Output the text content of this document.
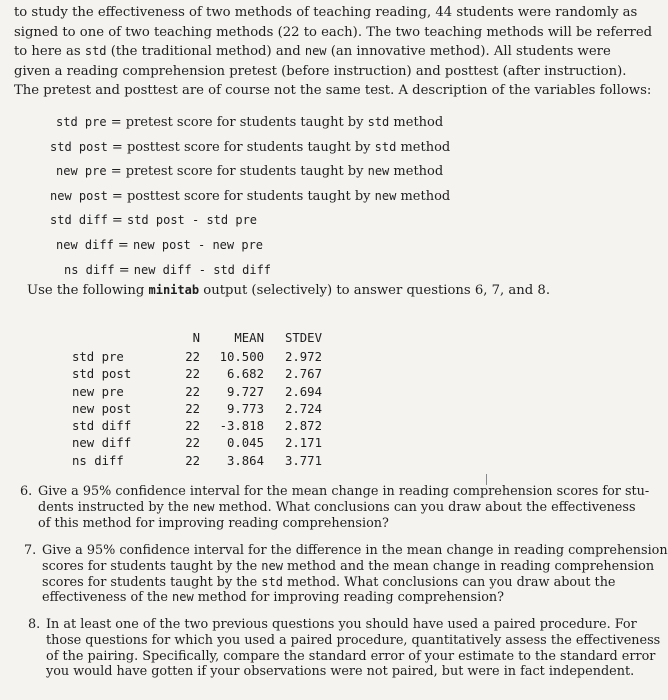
to study the effectiveness of two methods of teaching reading, 44 students were randomly as
signed to one of two teaching methods (22 to each). The two teaching methods will be referred
to here as std (the traditional method) and new (an innovative method). All students were
given a reading comprehension pretest (before instruction) and posttest (after instruction).
The pretest and posttest are of course not the same test. A description of the variables follows:
std pre = pretest score for students taught by std method
std post = posttest score for students taught by std method
new pre = pretest score for students taught by new method
new post = posttest score for students taught by new method
std diff = std post - std pre
new diff = new post - new pre
ns diff = new diff - std diff
Use the following minitab output (selectively) to answer questions 6, 7, and 8.
	N	MEAN	STDEV
std pre	22	10.500	2.972
std post	22	6.682	2.767
new pre	22	9.727	2.694
new post	22	9.773	2.724
std diff	22	-3.818	2.872
new diff	22	0.045	2.171
ns diff	22	3.864	3.771
6. Give a 95% confidence interval for the mean change in reading comprehension scores for stu-
dents instructed by the new method. What conclusions can you draw about the effectiveness
of this method for improving reading comprehension?
7. Give a 95% confidence interval for the difference in the mean change in reading comprehension
scores for students taught by the new method and the mean change in reading comprehension
scores for students taught by the std method. What conclusions can you draw about the
effectiveness of the new method for improving reading comprehension?
8. In at least one of the two previous questions you should have used a paired procedure. For
those questions for which you used a paired procedure, quantitatively assess the effectiveness
of the pairing. Specifically, compare the standard error of your estimate to the standard error
you would have gotten if your observations were not paired, but were in fact independent.
